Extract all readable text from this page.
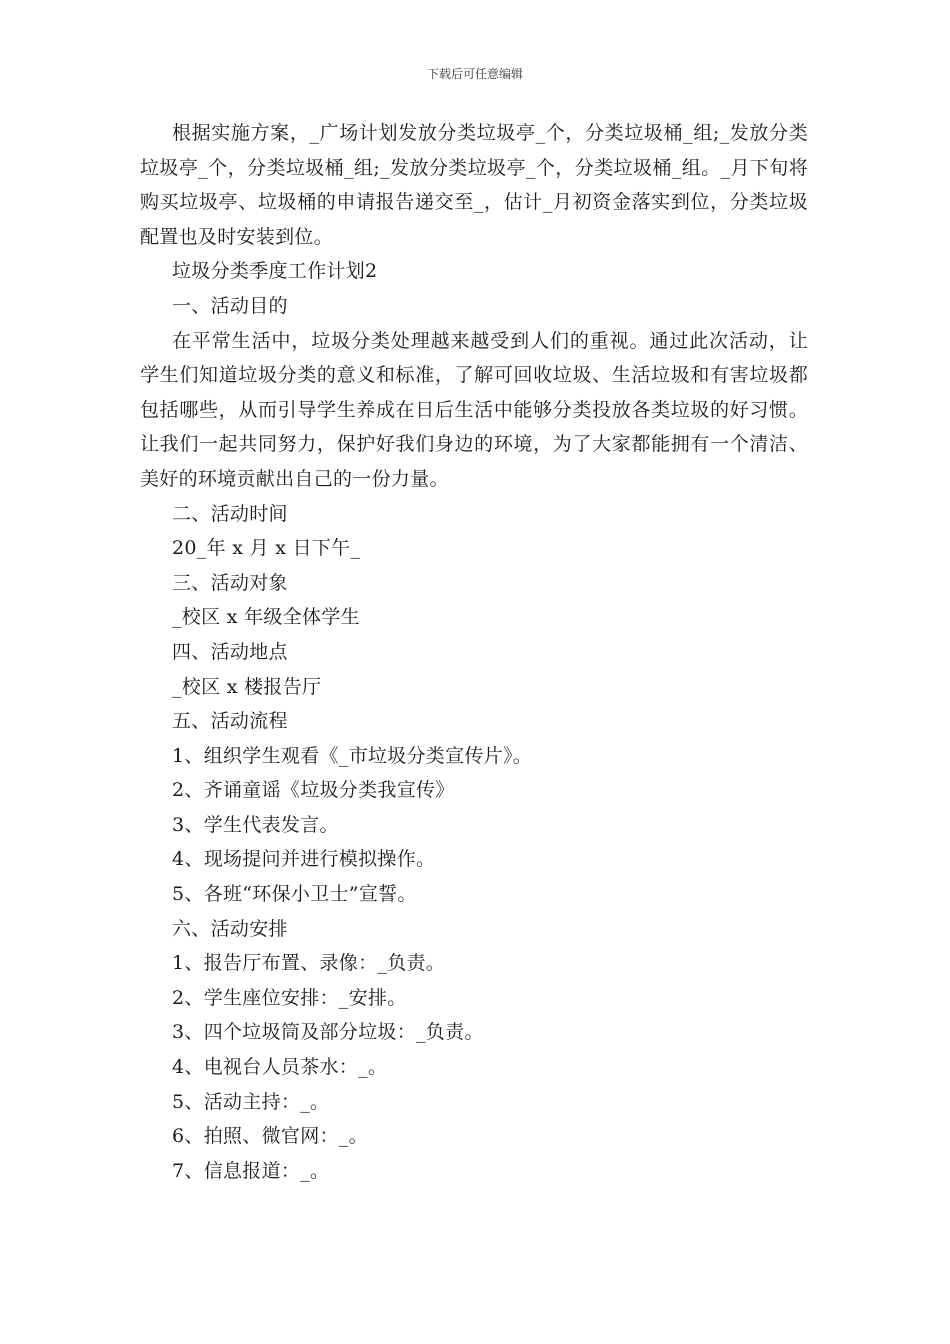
下载后可任意编辑

根据实施方案，_广场计划发放分类垃圾亭_个，分类垃圾桶_组;_发放分类垃圾亭_个，分类垃圾桶_组;_发放分类垃圾亭_个，分类垃圾桶_组。_月下旬将购买垃圾亭、垃圾桶的申请报告递交至_，估计_月初资金落实到位，分类垃圾配置也及时安装到位。

垃圾分类季度工作计划2

一、活动目的

在平常生活中，垃圾分类处理越来越受到人们的重视。通过此次活动，让学生们知道垃圾分类的意义和标准，了解可回收垃圾、生活垃圾和有害垃圾都包括哪些，从而引导学生养成在日后生活中能够分类投放各类垃圾的好习惯。让我们一起共同努力，保护好我们身边的环境，为了大家都能拥有一个清洁、美好的环境贡献出自己的一份力量。

二、活动时间

20_年 x 月 x 日下午_

三、活动对象

_校区 x 年级全体学生

四、活动地点

_校区 x 楼报告厅

五、活动流程

1、组织学生观看《_市垃圾分类宣传片》。

2、齐诵童谣《垃圾分类我宣传》

3、学生代表发言。

4、现场提问并进行模拟操作。

5、各班“环保小卫士”宣誓。

六、活动安排

1、报告厅布置、录像：_负责。

2、学生座位安排：_安排。

3、四个垃圾筒及部分垃圾：_负责。

4、电视台人员茶水：_。

5、活动主持：_。

6、拍照、微官网：_。

7、信息报道：_。
